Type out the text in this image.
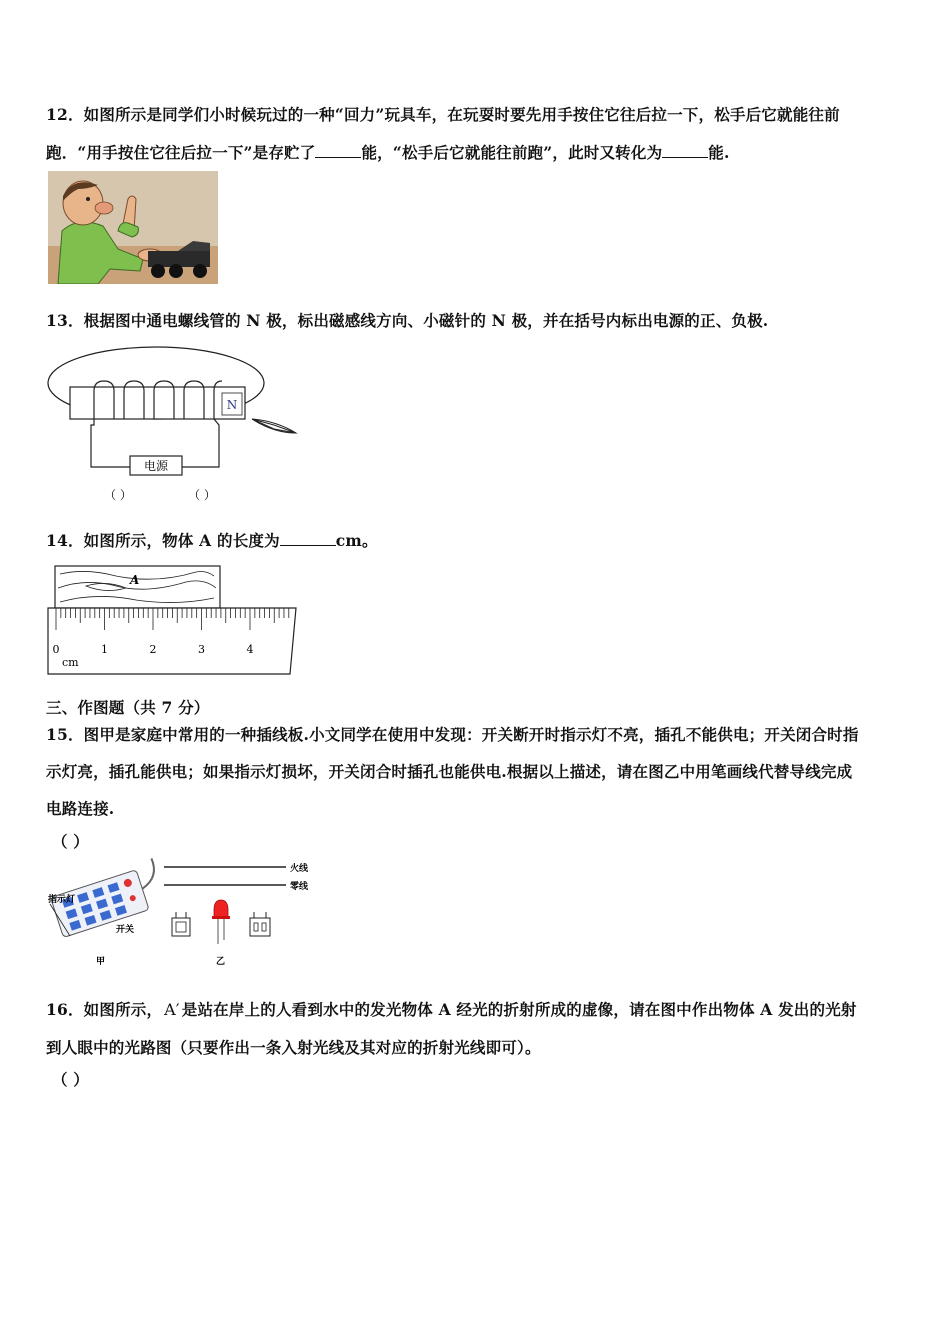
12．如图所示是同学们小时候玩过的一种“回力”玩具车，在玩耍时要先用手按住它往后拉一下，松手后它就能往前
跑．“用手按住它往后拉一下”是存贮了	能，“松手后它就能往前跑”，此时又转化为	能.
13．根据图中通电螺线管的 N 极，标出磁感线方向、小磁针的 N 极，并在括号内标出电源的正、负极.
电源
N
（ ）	（ ）
14．如图所示，物体 A 的长度为	cm。
A
0	1	2	3	4
cm
三、作图题（共 7 分）
15．图甲是家庭中常用的一种插线板.小文同学在使用中发现：开关断开时指示灯不亮，插孔不能供电；开关闭合时指
示灯亮，插孔能供电；如果指示灯损坏，开关闭合时插孔也能供电.根据以上描述，请在图乙中用笔画线代替导线完成
电路连接.
（ ）
指示灯
开关
甲
火线
零线
乙
16．如图所示， A′ 是站在岸上的人看到水中的发光物体 A 经光的折射所成的虚像，请在图中作出物体 A 发出的光射
到人眼中的光路图（只要作出一条入射光线及其对应的折射光线即可）。
（ ）
